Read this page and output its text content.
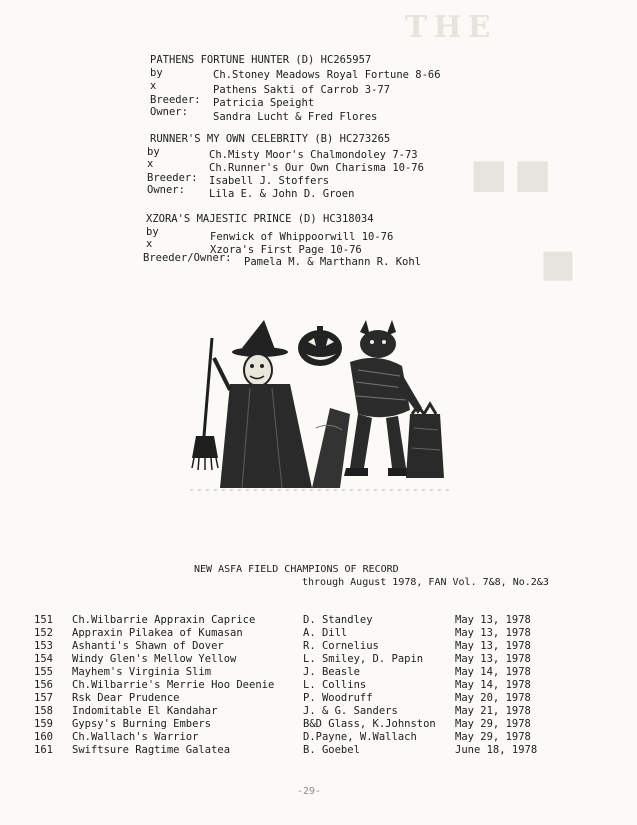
THE
■■
■
PATHENS FORTUNE HUNTER (D) HC265957
by	Ch.Stoney Meadows Royal Fortune 8-66
x	Pathens Sakti of Carrob 3-77
Breeder: Patricia Speight
Owner: Sandra Lucht & Fred Flores
RUNNER'S MY OWN CELEBRITY (B) HC273265
by	Ch.Misty Moor's Chalmondoley 7-73
x	Ch.Runner's Our Own Charisma 10-76
Breeder: Isabell J. Stoffers
Owner: Lila E. & John D. Groen
XZORA'S MAJESTIC PRINCE (D) HC318034
by	Fenwick of Whippoorwill 10-76
x	Xzora's First Page 10-76
Breeder/Owner: Pamela M. & Marthann R. Kohl
NEW ASFA FIELD CHAMPIONS OF RECORD
through August 1978, FAN Vol. 7&8, No.2&3
151 Ch.Wilbarrie Appraxin Caprice	D. Standley	May 13, 1978
152 Appraxin Pilakea of Kumasan	A. Dill	May 13, 1978
153 Ashanti's Shawn of Dover	R. Cornelius	May 13, 1978
154 Windy Glen's Mellow Yellow	L. Smiley, D. Papin	May 13, 1978
155 Mayhem's Virginia Slim	J. Beasle	May 14, 1978
156 Ch.Wilbarrie's Merrie Hoo Deenie	L. Collins	May 14, 1978
157 Rsk Dear Prudence	P. Woodruff	May 20, 1978
158 Indomitable El Kandahar	J. & G. Sanders	May 21, 1978
159 Gypsy's Burning Embers	B&D Glass, K.Johnston May 29, 1978
160 Ch.Wallach's Warrior	D.Payne, W.Wallach	May 29, 1978
161 Swiftsure Ragtime Galatea	B. Goebel	June 18, 1978
-29-
